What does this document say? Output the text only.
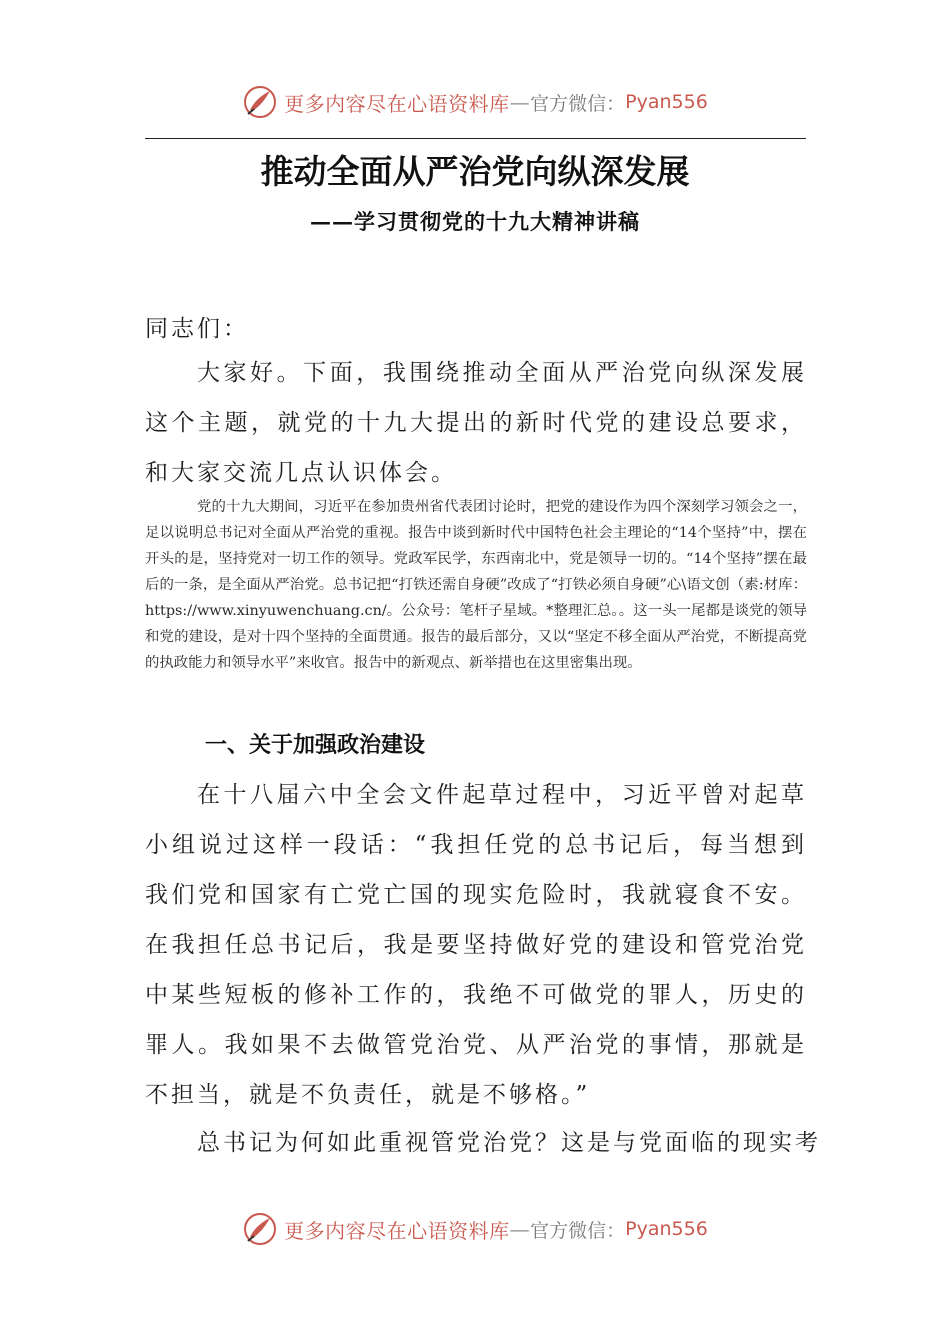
更多内容尽在心语资料库 — 官方微信： Pyan556
推动全面从严治党向纵深发展
——学习贯彻党的十九大精神讲稿
同志们：
大家好。下面，我围绕推动全面从严治党向纵深发展这个主题，就党的十九大提出的新时代党的建设总要求，和大家交流几点认识体会。
党的十九大期间，习近平在参加贵州省代表团讨论时，把党的建设作为四个深刻学习领会之一，足以说明总书记对全面从严治党的重视。报告中谈到新时代中国特色社会主理论的“14个坚持”中，摆在开头的是，坚持党对一切工作的领导。党政军民学，东西南北中，党是领导一切的。“14个坚持”摆在最后的一条，是全面从严治党。总书记把“打铁还需自身硬”改成了“打铁必须自身硬”心\语文创（素:材库：https://www.xinyuwenchuang.cn/。公众号：笔杆子星域。*整理汇总。。这一头一尾都是谈党的领导和党的建设，是对十四个坚持的全面贯通。报告的最后部分，又以“坚定不移全面从严治党，不断提高党的执政能力和领导水平”来收官。报告中的新观点、新举措也在这里密集出现。
一、关于加强政治建设
在十八届六中全会文件起草过程中，习近平曾对起草小组说过这样一段话：“我担任党的总书记后，每当想到我们党和国家有亡党亡国的现实危险时，我就寝食不安。在我担任总书记后，我是要坚持做好党的建设和管党治党中某些短板的修补工作的，我绝不可做党的罪人，历史的罪人。我如果不去做管党治党、从严治党的事情，那就是不担当，就是不负责任，就是不够格。”
总书记为何如此重视管党治党？这是与党面临的现实考
更多内容尽在心语资料库 — 官方微信： Pyan556
